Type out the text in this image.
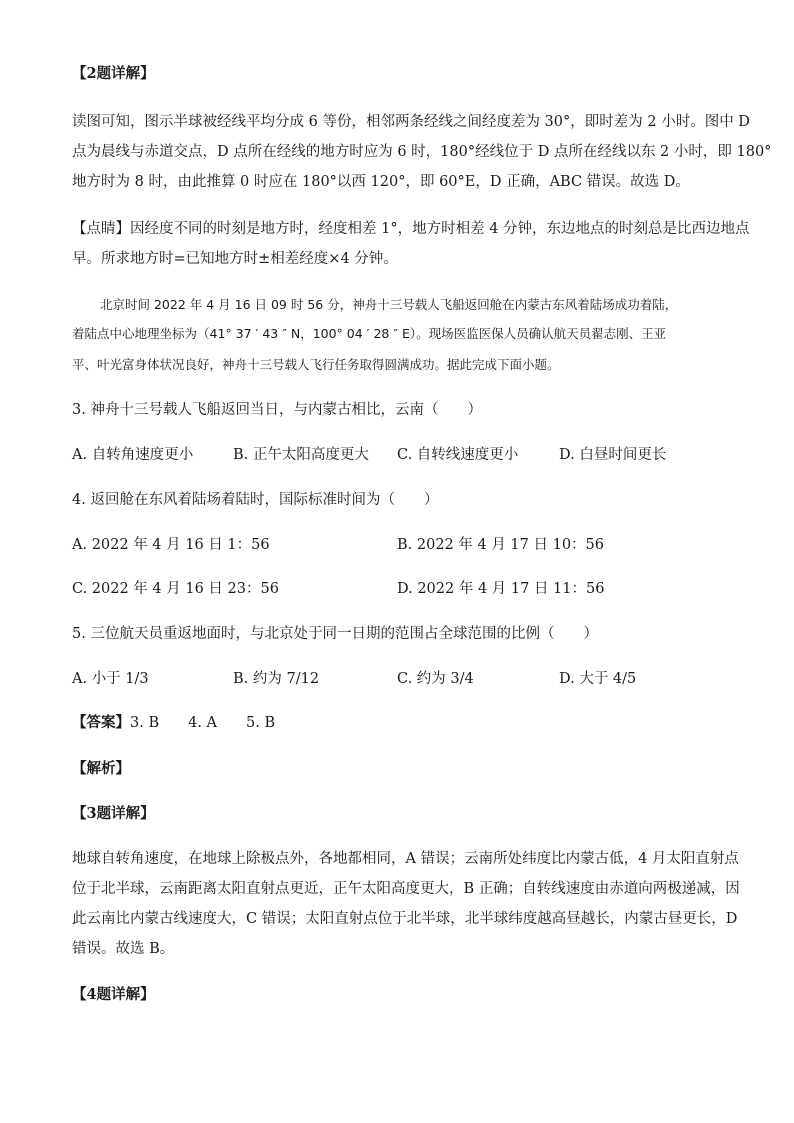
【2题详解】
读图可知，图示半球被经线平均分成 6 等份，相邻两条经线之间经度差为 30°，即时差为 2 小时。图中 D
点为晨线与赤道交点，D 点所在经线的地方时应为 6 时，180°经线位于 D 点所在经线以东 2 小时，即 180°
地方时为 8 时，由此推算 0 时应在 180°以西 120°，即 60°E，D 正确，ABC 错误。故选 D。
【点睛】因经度不同的时刻是地方时，经度相差 1°，地方时相差 4 分钟，东边地点的时刻总是比西边地点
早。所求地方时=已知地方时±相差经度×4 分钟。
北京时间 2022 年 4 月 16 日 09 时 56 分，神舟十三号载人飞船返回舱在内蒙古东风着陆场成功着陆，
着陆点中心地理坐标为（41° 37 ′ 43 ″ N，100° 04 ′ 28 ″ E）。现场医监医保人员确认航天员翟志刚、王亚
平、叶光富身体状况良好，神舟十三号载人飞行任务取得圆满成功。据此完成下面小题。
3. 神舟十三号载人飞船返回当日，与内蒙古相比，云南（　　）
A. 自转角速度更小	B. 正午太阳高度更大 C. 自转线速度更小	D. 白昼时间更长
4. 返回舱在东风着陆场着陆时，国际标准时间为（　　）
A. 2022 年 4 月 16 日 1：56	B. 2022 年 4 月 17 日 10：56
C. 2022 年 4 月 16 日 23：56	D. 2022 年 4 月 17 日 11：56
5. 三位航天员重返地面时，与北京处于同一日期的范围占全球范围的比例（　　）
A. 小于 1/3	B. 约为 7/12	C. 约为 3/4	D. 大于 4/5
【答案】3. B　　4. A　　5. B
【解析】
【3题详解】
地球自转角速度，在地球上除极点外，各地都相同，A 错误；云南所处纬度比内蒙古低，4 月太阳直射点
位于北半球，云南距离太阳直射点更近，正午太阳高度更大，B 正确；自转线速度由赤道向两极递减，因
此云南比内蒙古线速度大，C 错误；太阳直射点位于北半球，北半球纬度越高昼越长，内蒙古昼更长，D
错误。故选 B。
【4题详解】
